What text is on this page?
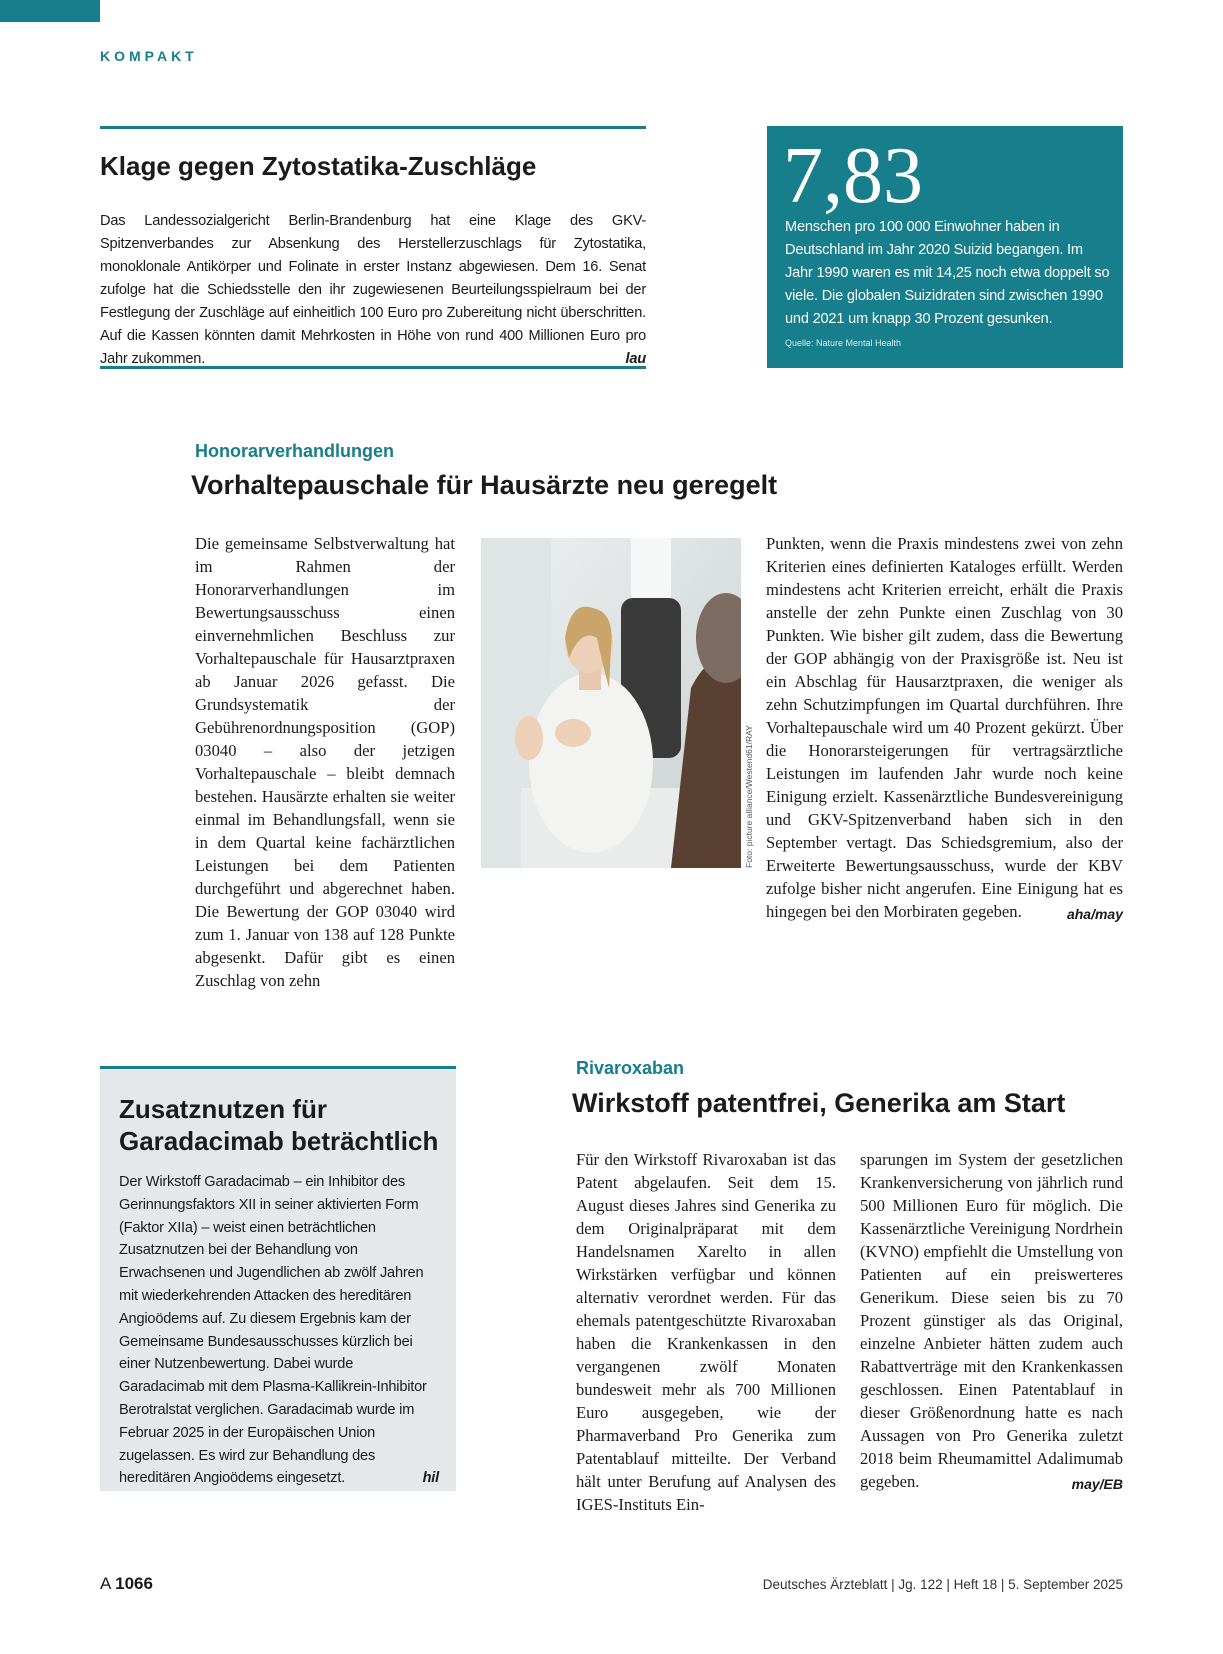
KOMPAKT
Klage gegen Zytostatika-Zuschläge

Das Landessozialgericht Berlin-Brandenburg hat eine Klage des GKV-Spitzenverbandes zur Absenkung des Herstellerzuschlags für Zytostatika, monoklonale Antikörper und Folinate in erster Instanz abgewiesen. Dem 16. Senat zufolge hat die Schiedsstelle den ihr zugewiesenen Beurteilungsspielraum bei der Festlegung der Zuschläge auf einheitlich 100 Euro pro Zubereitung nicht überschritten. Auf die Kassen könnten damit Mehrkosten in Höhe von rund 400 Millionen Euro pro Jahr zukommen.	lau

7,83
Menschen pro 100 000 Einwohner haben in Deutschland im Jahr 2020 Suizid begangen. Im Jahr 1990 waren es mit 14,25 noch etwa doppelt so viele. Die globalen Suizidraten sind zwischen 1990 und 2021 um knapp 30 Prozent gesunken.
Quelle: Nature Mental Health
Honorarverhandlungen
Vorhaltepauschale für Hausärzte neu geregelt
Die gemeinsame Selbstverwaltung hat im Rahmen der Honorarverhandlungen im Bewertungsausschuss einen einvernehmlichen Beschluss zur Vorhaltepauschale für Hausarztpraxen ab Januar 2026 gefasst. Die Grundsystematik der Gebührenordnungsposition (GOP) 03040 – also der jetzigen Vorhaltepauschale – bleibt demnach bestehen. Hausärzte erhalten sie weiter einmal im Behandlungsfall, wenn sie in dem Quartal keine fachärztlichen Leistungen bei dem Patienten durchgeführt und abgerechnet haben. Die Bewertung der GOP 03040 wird zum 1. Januar von 138 auf 128 Punkte abgesenkt. Dafür gibt es einen Zuschlag von zehn
Foto: picture alliance/Westend61/RAY
Punkten, wenn die Praxis mindestens zwei von zehn Kriterien eines definierten Kataloges erfüllt. Werden mindestens acht Kriterien erreicht, erhält die Praxis anstelle der zehn Punkte einen Zuschlag von 30 Punkten. Wie bisher gilt zudem, dass die Bewertung der GOP abhängig von der Praxisgröße ist. Neu ist ein Abschlag für Hausarztpraxen, die weniger als zehn Schutzimpfungen im Quartal durchführen. Ihre Vorhaltepauschale wird um 40 Prozent gekürzt. Über die Honorarsteigerungen für vertragsärztliche Leistungen im laufenden Jahr wurde noch keine Einigung erzielt. Kassenärztliche Bundesvereinigung und GKV-Spitzenverband haben sich in den September vertagt. Das Schiedsgremium, also der Erweiterte Bewertungsausschuss, wurde der KBV zufolge bisher nicht angerufen. Eine Einigung hat es hingegen bei den Morbiraten gegeben.	aha/may
Zusatznutzen für Garadacimab beträchtlich

Der Wirkstoff Garadacimab – ein Inhibitor des Gerinnungsfaktors XII in seiner aktivierten Form (Faktor XIIa) – weist einen beträchtlichen Zusatznutzen bei der Behandlung von Erwachsenen und Jugendlichen ab zwölf Jahren mit wiederkehrenden Attacken des hereditären Angioödems auf. Zu diesem Ergebnis kam der Gemeinsame Bundesausschusses kürzlich bei einer Nutzenbewertung. Dabei wurde Garadacimab mit dem Plasma-Kallikrein-Inhibitor Berotralstat verglichen. Garadacimab wurde im Februar 2025 in der Europäischen Union zugelassen. Es wird zur Behandlung des hereditären Angioödems eingesetzt.	hil

Rivaroxaban
Wirkstoff patentfrei, Generika am Start
Für den Wirkstoff Rivaroxaban ist das Patent abgelaufen. Seit dem 15. August dieses Jahres sind Generika zu dem Originalpräparat mit dem Handelsnamen Xarelto in allen Wirkstärken verfügbar und können alternativ verordnet werden. Für das ehemals patentgeschützte Rivaroxaban haben die Krankenkassen in den vergangenen zwölf Monaten bundesweit mehr als 700 Millionen Euro ausgegeben, wie der Pharmaverband Pro Generika zum Patentablauf mitteilte. Der Verband hält unter Berufung auf Analysen des IGES-Instituts Ein-
sparungen im System der gesetzlichen Krankenversicherung von jährlich rund 500 Millionen Euro für möglich. Die Kassenärztliche Vereinigung Nordrhein (KVNO) empfiehlt die Umstellung von Patienten auf ein preiswerteres Generikum. Diese seien bis zu 70 Prozent günstiger als das Original, einzelne Anbieter hätten zudem auch Rabattverträge mit den Krankenkassen geschlossen. Einen Patentablauf in dieser Größenordnung hatte es nach Aussagen von Pro Generika zuletzt 2018 beim Rheumamittel Adalimumab gegeben.	may/EB
A 1066	Deutsches Ärzteblatt | Jg. 122 | Heft 18 | 5. September 2025
